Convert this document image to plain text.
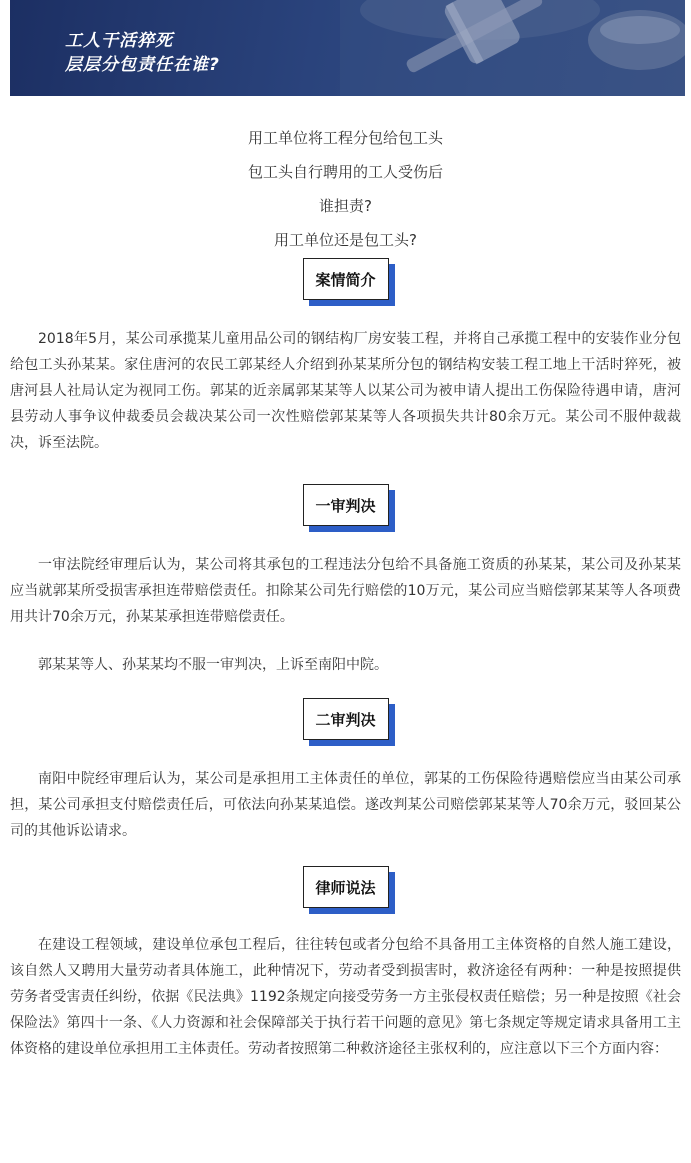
工人干活猝死
层层分包责任在谁?

用工单位将工程分包给包工头

包工头自行聘用的工人受伤后

谁担责?

用工单位还是包工头?

案情简介

2018年5月，某公司承揽某儿童用品公司的钢结构厂房安装工程，并将自己承揽工程中的安装作业分包给包工头孙某某。家住唐河的农民工郭某经人介绍到孙某某所分包的钢结构安装工程工地上干活时猝死，被唐河县人社局认定为视同工伤。郭某的近亲属郭某某等人以某公司为被申请人提出工伤保险待遇申请，唐河县劳动人事争议仲裁委员会裁决某公司一次性赔偿郭某某等人各项损失共计80余万元。某公司不服仲裁裁决，诉至法院。

一审判决

一审法院经审理后认为，某公司将其承包的工程违法分包给不具备施工资质的孙某某，某公司及孙某某应当就郭某所受损害承担连带赔偿责任。扣除某公司先行赔偿的10万元，某公司应当赔偿郭某某等人各项费用共计70余万元，孙某某承担连带赔偿责任。

郭某某等人、孙某某均不服一审判决，上诉至南阳中院。

二审判决

南阳中院经审理后认为，某公司是承担用工主体责任的单位，郭某的工伤保险待遇赔偿应当由某公司承担，某公司承担支付赔偿责任后，可依法向孙某某追偿。遂改判某公司赔偿郭某某等人70余万元，驳回某公司的其他诉讼请求。

律师说法

在建设工程领域，建设单位承包工程后，往往转包或者分包给不具备用工主体资格的自然人施工建设，该自然人又聘用大量劳动者具体施工，此种情况下，劳动者受到损害时，救济途径有两种：一种是按照提供劳务者受害责任纠纷，依据《民法典》1192条规定向接受劳务一方主张侵权责任赔偿；另一种是按照《社会保险法》第四十一条、《人力资源和社会保障部关于执行若干问题的意见》第七条规定等规定请求具备用工主体资格的建设单位承担用工主体责任。劳动者按照第二种救济途径主张权利的，应注意以下三个方面内容：
